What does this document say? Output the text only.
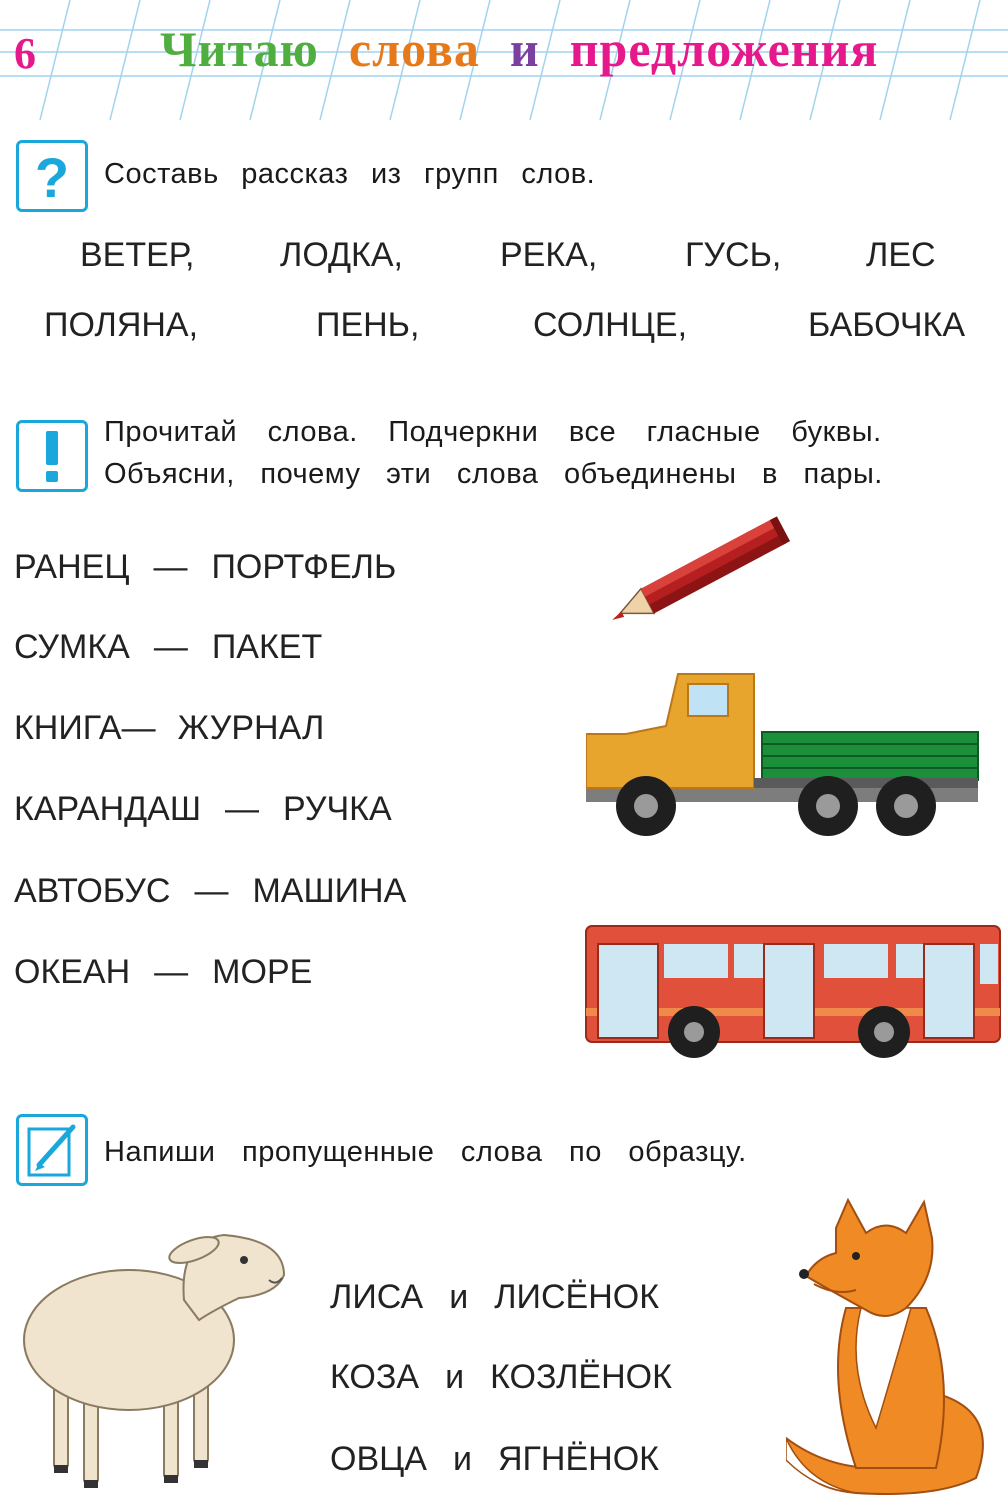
6 Читаю слова и предложения
? Составь рассказ из групп слов.
ВЕТЕР,	ЛОДКА,	РЕКА,	ГУСЬ, ЛЕС
ПОЛЯНА,	ПЕНЬ,	СОЛНЦЕ,	БАБОЧКА
Прочитай слова. Подчеркни все гласные буквы.
Объясни, почему эти слова объединены в пары.
РАНЕЦ — ПОРТФЕЛЬ
СУМКА — ПАКЕТ
КНИГА— ЖУРНАЛ
КАРАНДАШ — РУЧКА
АВТОБУС — МАШИНА
ОКЕАН — МОРЕ
Напиши пропущенные слова по образцу.
ЛИСА и ЛИСЁНОК
КОЗА и КОЗЛЁНОК
ОВЦА и ЯГНЁНОК
